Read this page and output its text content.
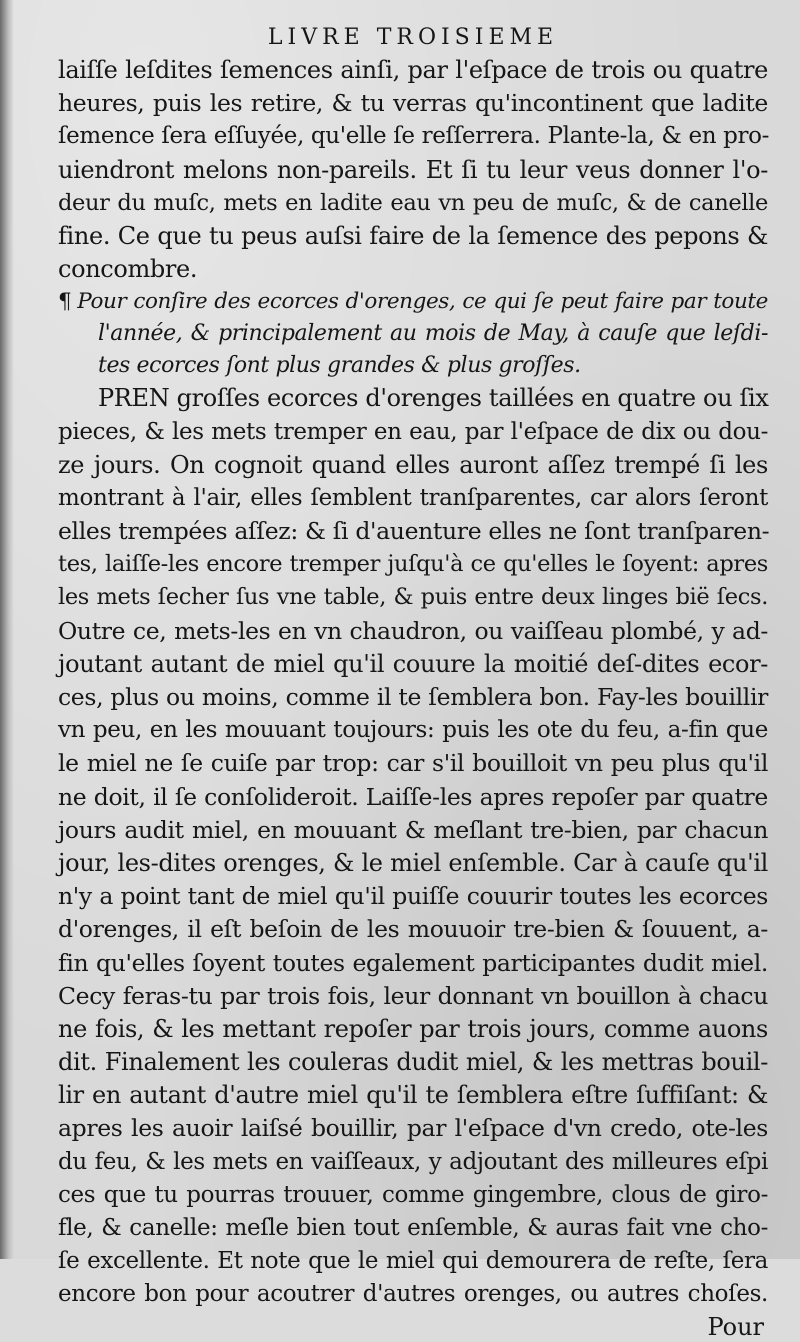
LIVRE TROISIEME
laiſſe leſdites ſemences ainſi, par l'eſpace de trois ou quatre
heures, puis les retire, & tu verras qu'incontinent que ladite
ſemence ſera eſſuyée, qu'elle ſe reſſerrera. Plante-la, & en pro-
uiendront melons non-pareils. Et ſi tu leur veus donner l'o-
deur du muſc, mets en ladite eau vn peu de muſc, & de canelle
fine. Ce que tu peus auſsi faire de la ſemence des pepons &
concombre.
¶ Pour conſire des ecorces d'orenges, ce qui ſe peut faire par toute
l'année, & principalement au mois de May, à cauſe que leſdi-
tes ecorces ſont plus grandes & plus groſſes.
PREN groſſes ecorces d'orenges taillées en quatre ou ſix
pieces, & les mets tremper en eau, par l'eſpace de dix ou dou-
ze jours. On cognoit quand elles auront aſſez trempé ſi les
montrant à l'air, elles ſemblent tranſparentes, car alors ſeront
elles trempées aſſez: & ſi d'auenture elles ne ſont tranſparen-
tes, laiſſe-les encore tremper juſqu'à ce qu'elles le ſoyent: apres
les mets ſecher ſus vne table, & puis entre deux linges bië ſecs.
Outre ce, mets-les en vn chaudron, ou vaiſſeau plombé, y ad-
joutant autant de miel qu'il couure la moitié deſ-dites ecor-
ces, plus ou moins, comme il te ſemblera bon. Fay-les bouillir
vn peu, en les mouuant toujours: puis les ote du feu, a-fin que
le miel ne ſe cuiſe par trop: car s'il bouilloit vn peu plus qu'il
ne doit, il ſe conſolideroit. Laiſſe-les apres repoſer par quatre
jours audit miel, en mouuant & meſlant tre-bien, par chacun
jour, les-dites orenges, & le miel enſemble. Car à cauſe qu'il
n'y a point tant de miel qu'il puiſſe couurir toutes les ecorces
d'orenges, il eſt beſoin de les mouuoir tre-bien & ſouuent, a-
fin qu'elles ſoyent toutes egalement participantes dudit miel.
Cecy feras-tu par trois fois, leur donnant vn bouillon à chacu
ne fois, & les mettant repoſer par trois jours, comme auons
dit. Finalement les couleras dudit miel, & les mettras bouil-
lir en autant d'autre miel qu'il te ſemblera eſtre ſuffiſant: &
apres les auoir laiſsé bouillir, par l'eſpace d'vn credo, ote-les
du feu, & les mets en vaiſſeaux, y adjoutant des milleures eſpi
ces que tu pourras trouuer, comme gingembre, clous de giro-
fle, & canelle: meſle bien tout enſemble, & auras fait vne cho-
ſe excellente. Et note que le miel qui demourera de reſte, ſera
encore bon pour acoutrer d'autres orenges, ou autres choſes.
Pour
